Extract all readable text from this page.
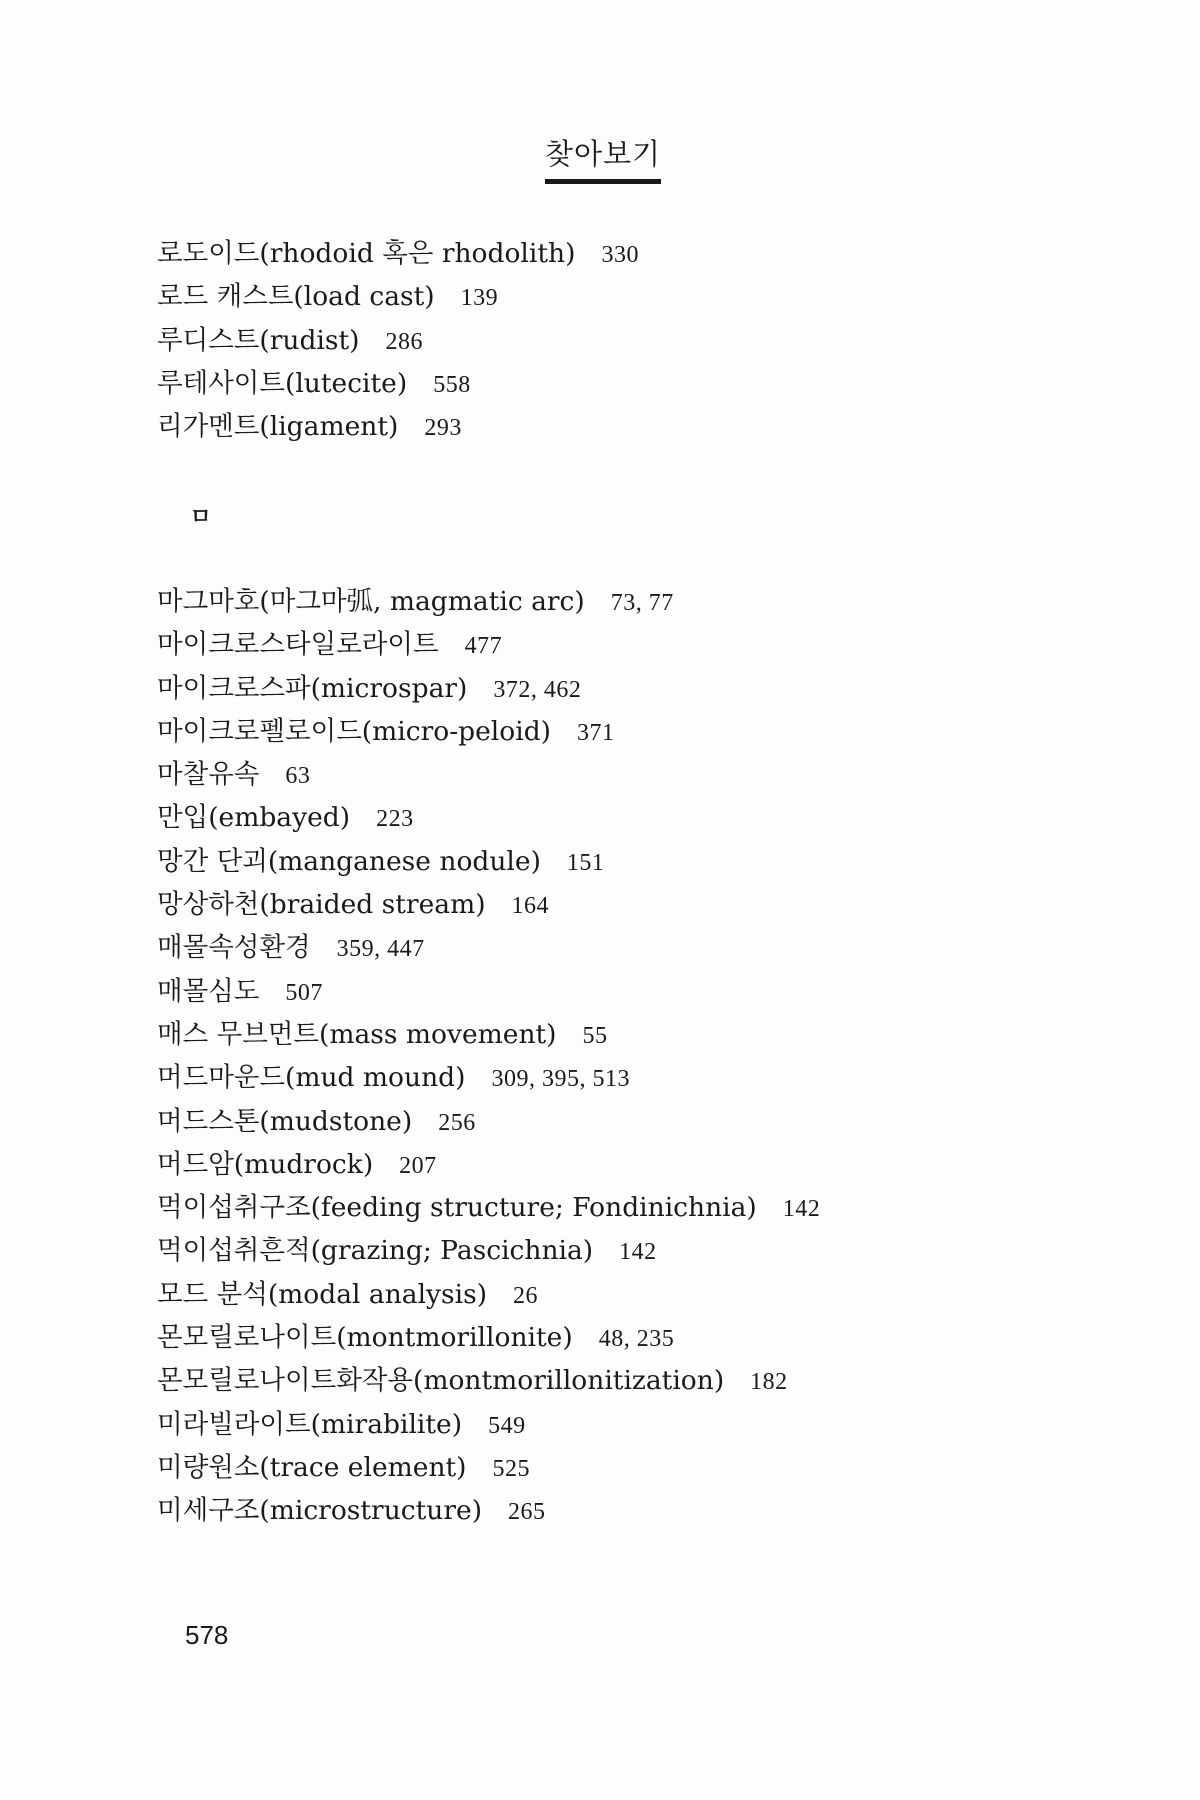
찾아보기
로도이드(rhodoid 혹은 rhodolith) 330
로드 캐스트(load cast) 139
루디스트(rudist) 286
루테사이트(lutecite) 558
리가멘트(ligament) 293
ㅁ
마그마호(마그마弧, magmatic arc) 73, 77
마이크로스타일로라이트 477
마이크로스파(microspar) 372, 462
마이크로펠로이드(micro-peloid) 371
마찰유속 63
만입(embayed) 223
망간 단괴(manganese nodule) 151
망상하천(braided stream) 164
매몰속성환경 359, 447
매몰심도 507
매스 무브먼트(mass movement) 55
머드마운드(mud mound) 309, 395, 513
머드스톤(mudstone) 256
머드암(mudrock) 207
먹이섭취구조(feeding structure; Fondinichnia) 142
먹이섭취흔적(grazing; Pascichnia) 142
모드 분석(modal analysis) 26
몬모릴로나이트(montmorillonite) 48, 235
몬모릴로나이트화작용(montmorillonitization) 182
미라빌라이트(mirabilite) 549
미량원소(trace element) 525
미세구조(microstructure) 265
578
